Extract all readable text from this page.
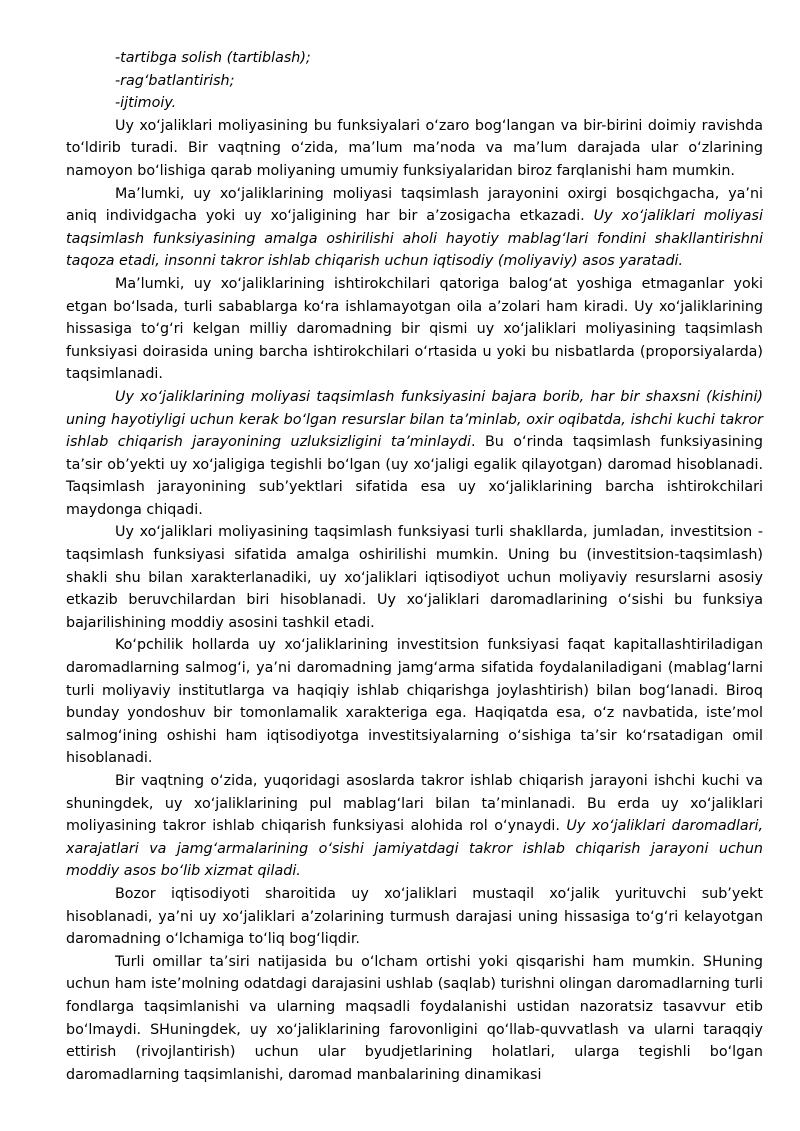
-tartibga solish (tartiblash);

-rag‘batlantirish;

-ijtimoiy.

Uy xo‘jaliklari moliyasining bu funksiyalari o‘zaro bog‘langan va bir-birini doimiy ravishda to‘ldirib turadi. Bir vaqtning o‘zida, ma’lum ma’noda va ma’lum darajada ular o‘zlarining namoyon bo‘lishiga qarab moliyaning umumiy funksiyalaridan biroz farqlanishi ham mumkin.

Ma’lumki, uy xo‘jaliklarining moliyasi taqsimlash jarayonini oxirgi bosqichgacha, ya’ni aniq individgacha yoki uy xo‘jaligining har bir a’zosigacha etkazadi. Uy xo‘jaliklari moliyasi taqsimlash funksiyasining amalga oshirilishi aholi hayotiy mablag‘lari fondini shakllantirishni taqoza etadi, insonni takror ishlab chiqarish uchun iqtisodiy (moliyaviy) asos yaratadi.

Ma’lumki, uy xo‘jaliklarining ishtirokchilari qatoriga balog‘at yoshiga etmaganlar yoki etgan bo‘lsada, turli sabablarga ko‘ra ishlamayotgan oila a’zolari ham kiradi. Uy xo‘jaliklarining hissasiga to‘g‘ri kelgan milliy daromadning bir qismi uy xo‘jaliklari moliyasining taqsimlash funksiyasi doirasida uning barcha ishtirokchilari o‘rtasida u yoki bu nisbatlarda (proporsiyalarda) taqsimlanadi.

Uy xo‘jaliklarining moliyasi taqsimlash funksiyasini bajara borib, har bir shaxsni (kishini) uning hayotiyligi uchun kerak bo‘lgan resurslar bilan ta’minlab, oxir oqibatda, ishchi kuchi takror ishlab chiqarish jarayonining uzluksizligini ta’minlaydi. Bu o‘rinda taqsimlash funksiyasining ta’sir ob’yekti uy xo‘jaligiga tegishli bo‘lgan (uy xo‘jaligi egalik qilayotgan) daromad hisoblanadi. Taqsimlash jarayonining sub’yektlari sifatida esa uy xo‘jaliklarining barcha ishtirokchilari maydonga chiqadi.

Uy xo‘jaliklari moliyasining taqsimlash funksiyasi turli shakllarda, jumladan, investitsion - taqsimlash funksiyasi sifatida amalga oshirilishi mumkin. Uning bu (investitsion-taqsimlash) shakli shu bilan xarakterlanadiki, uy xo‘jaliklari iqtisodiyot uchun moliyaviy resurslarni asosiy etkazib beruvchilardan biri hisoblanadi. Uy xo‘jaliklari daromadlarining o‘sishi bu funksiya bajarilishining moddiy asosini tashkil etadi.

Ko‘pchilik hollarda uy xo‘jaliklarining investitsion funksiyasi faqat kapitallashtiriladigan daromadlarning salmog‘i, ya’ni daromadning jamg‘arma sifatida foydalaniladigani (mablag‘larni turli moliyaviy institutlarga va haqiqiy ishlab chiqarishga joylashtirish) bilan bog‘lanadi. Biroq bunday yondoshuv bir tomonlamalik xarakteriga ega. Haqiqatda esa, o‘z navbatida, iste’mol salmog‘ining oshishi ham iqtisodiyotga investitsiyalarning o‘sishiga ta’sir ko‘rsatadigan omil hisoblanadi.

Bir vaqtning o‘zida, yuqoridagi asoslarda takror ishlab chiqarish jarayoni ishchi kuchi va shuningdek, uy xo‘jaliklarining pul mablag‘lari bilan ta’minlanadi. Bu erda uy xo‘jaliklari moliyasining takror ishlab chiqarish funksiyasi alohida rol o‘ynaydi. Uy xo‘jaliklari daromadlari, xarajatlari va jamg‘armalarining o‘sishi jamiyatdagi takror ishlab chiqarish jarayoni uchun moddiy asos bo‘lib xizmat qiladi.

Bozor iqtisodiyoti sharoitida uy xo‘jaliklari mustaqil xo‘jalik yurituvchi sub’yekt hisoblanadi, ya’ni uy xo‘jaliklari a’zolarining turmush darajasi uning hissasiga to‘g‘ri kelayotgan daromadning o‘lchamiga to‘liq bog‘liqdir.

Turli omillar ta’siri natijasida bu o‘lcham ortishi yoki qisqarishi ham mumkin. SHuning uchun ham iste’molning odatdagi darajasini ushlab (saqlab) turishni olingan daromadlarning turli fondlarga taqsimlanishi va ularning maqsadli foydalanishi ustidan nazoratsiz tasavvur etib bo‘lmaydi. SHuningdek, uy xo‘jaliklarining farovonligini qo‘llab-quvvatlash va ularni taraqqiy ettirish (rivojlantirish) uchun ular byudjetlarining holatlari, ularga tegishli bo‘lgan daromadlarning taqsimlanishi, daromad manbalarining dinamikasi
